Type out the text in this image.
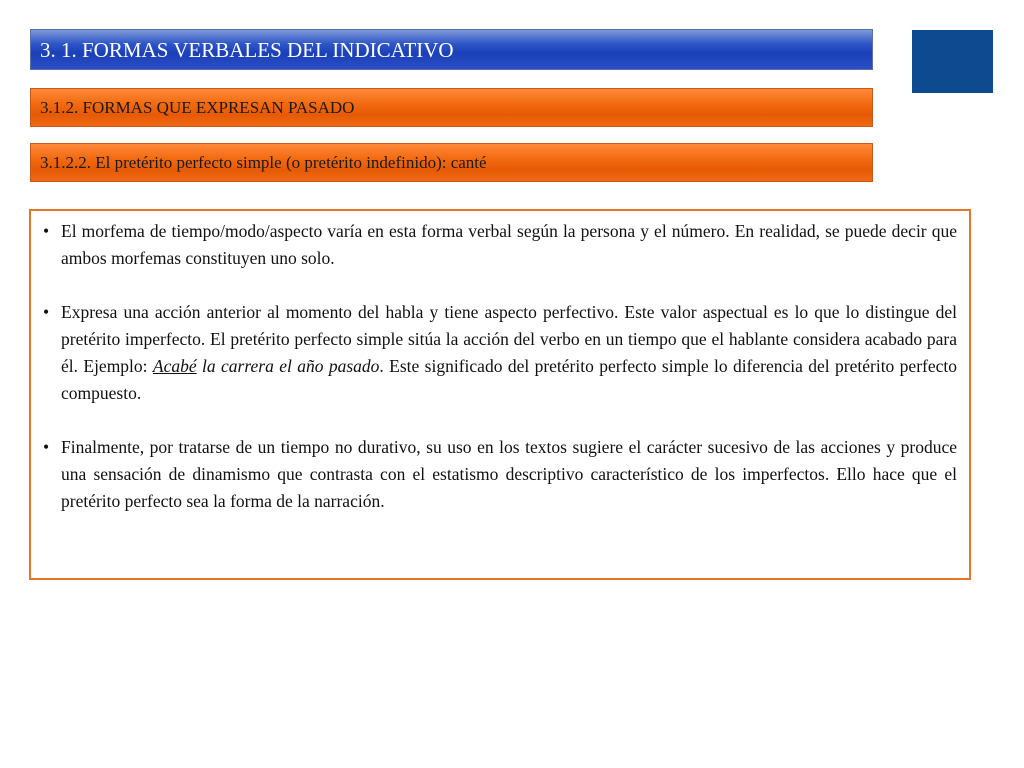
3. 1. FORMAS VERBALES DEL INDICATIVO
3.1.2. FORMAS QUE EXPRESAN PASADO
3.1.2.2. El pretérito perfecto simple (o pretérito indefinido): canté
• El morfema de tiempo/modo/aspecto varía en esta forma verbal según la persona y el número. En realidad, se puede decir que ambos morfemas constituyen uno solo.
• Expresa una acción anterior al momento del habla y tiene aspecto perfectivo. Este valor aspectual es lo que lo distingue del pretérito imperfecto. El pretérito perfecto simple sitúa la acción del verbo en un tiempo que el hablante considera acabado para él. Ejemplo: Acabé la carrera el año pasado. Este significado del pretérito perfecto simple lo diferencia del pretérito perfecto compuesto.
• Finalmente, por tratarse de un tiempo no durativo, su uso en los textos sugiere el carácter sucesivo de las acciones y produce una sensación de dinamismo que contrasta con el estatismo descriptivo característico de los imperfectos. Ello hace que el pretérito perfecto sea la forma de la narración.
